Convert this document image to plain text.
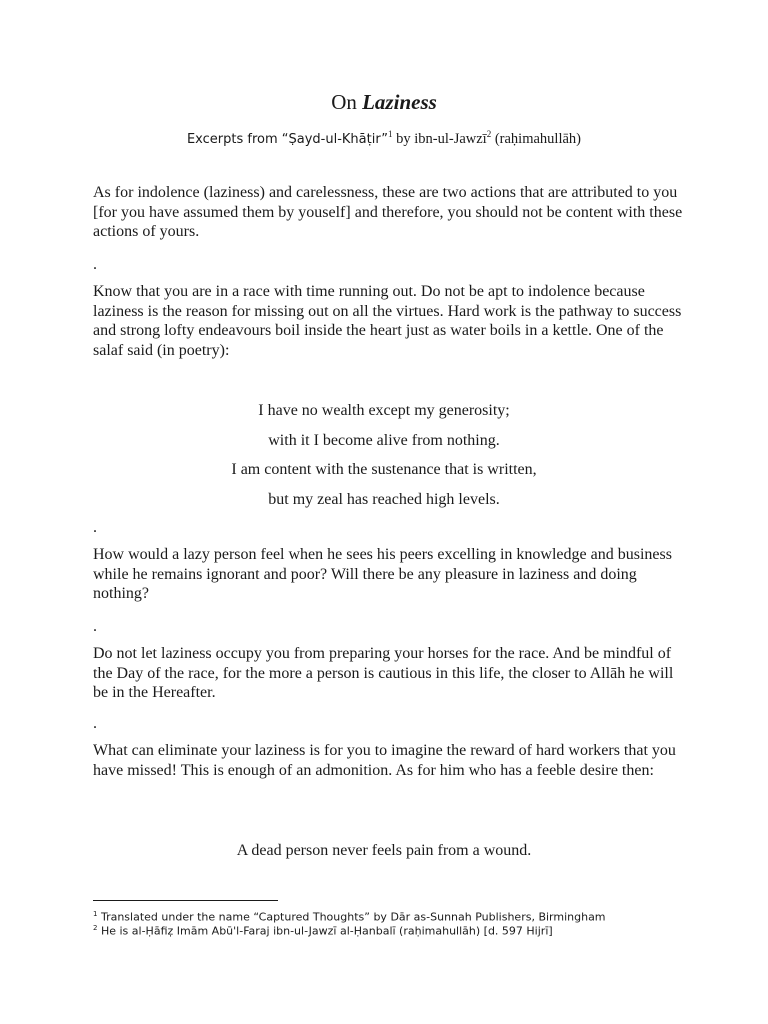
On Laziness
Excerpts from “Ṣayd-ul-Khāṭir”$^1$ by ibn-ul-Jawzī$^2$ (raḥimahullāh)

As for indolence (laziness) and carelessness, these are two actions that are attributed to you [for you have assumed them by youself] and therefore, you should not be content with these actions of yours.

.

Know that you are in a race with time running out. Do not be apt to indolence because laziness is the reason for missing out on all the virtues. Hard work is the pathway to success and strong lofty endeavours boil inside the heart just as water boils in a kettle. One of the salaf said (in poetry):

I have no wealth except my generosity;
with it I become alive from nothing.
I am content with the sustenance that is written,
but my zeal has reached high levels.
.

How would a lazy person feel when he sees his peers excelling in knowledge and business while he remains ignorant and poor? Will there be any pleasure in laziness and doing nothing?

.

Do not let laziness occupy you from preparing your horses for the race. And be mindful of the Day of the race, for the more a person is cautious in this life, the closer to Allāh he will be in the Hereafter.

.

What can eliminate your laziness is for you to imagine the reward of hard workers that you have missed! This is enough of an admonition. As for him who has a feeble desire then:

A dead person never feels pain from a wound.
$^1$ Translated under the name “Captured Thoughts” by Dār as-Sunnah Publishers, Birmingham
$^2$ He is al-Ḥāfiẓ Imām Abū'l-Faraj ibn-ul-Jawzī al-Ḥanbalī (raḥimahullāh) [d. 597 Hijrī]
